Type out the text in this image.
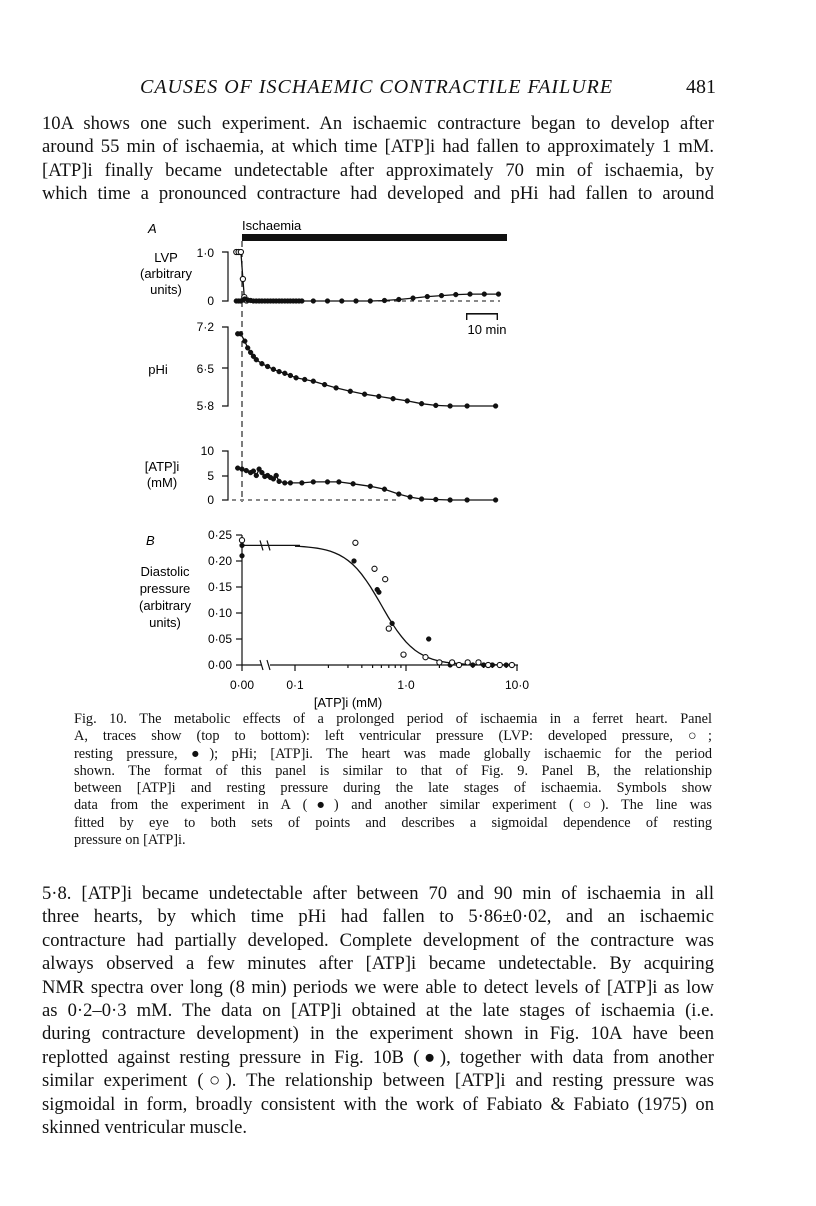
CAUSES OF ISCHAEMIC CONTRACTILE FAILURE	481
10A shows one such experiment. An ischaemic contracture began to develop after
around 55 min of ischaemia, at which time [ATP]i had fallen to approximately 1 mM.
[ATP]i finally became undetectable after approximately 70 min of ischaemia, by
which time a pronounced contracture had developed and pHi had fallen to around
A	Ischaemia
LVP
(arbitrary
units)
1·0
0
10 min
pHi
7·2
6·5
5·8
[ATP]i
(mM)
10
5
0
B
Diastolic
pressure
(arbitrary
units)
0·25
0·20
0·15
0·10
0·05
0·00
0·00	0·1	1·0	10·0
[ATP]i (mM)
Fig. 10. The metabolic effects of a prolonged period of ischaemia in a ferret heart. Panel
A, traces show (top to bottom): left ventricular pressure (LVP: developed pressure, ○;
resting pressure, ●); pHi; [ATP]i. The heart was made globally ischaemic for the period
shown. The format of this panel is similar to that of Fig. 9. Panel B, the relationship
between [ATP]i and resting pressure during the late stages of ischaemia. Symbols show
data from the experiment in A (●) and another similar experiment (○). The line was
fitted by eye to both sets of points and describes a sigmoidal dependence of resting
pressure on [ATP]i.
5·8. [ATP]i became undetectable after between 70 and 90 min of ischaemia in all
three hearts, by which time pHi had fallen to 5·86±0·02, and an ischaemic
contracture had partially developed. Complete development of the contracture was
always observed a few minutes after [ATP]i became undetectable. By acquiring
NMR spectra over long (8 min) periods we were able to detect levels of [ATP]i as low
as 0·2–0·3 mM. The data on [ATP]i obtained at the late stages of ischaemia (i.e.
during contracture development) in the experiment shown in Fig. 10A have been
replotted against resting pressure in Fig. 10B (●), together with data from another
similar experiment (○). The relationship between [ATP]i and resting pressure was
sigmoidal in form, broadly consistent with the work of Fabiato & Fabiato (1975) on
skinned ventricular muscle.
